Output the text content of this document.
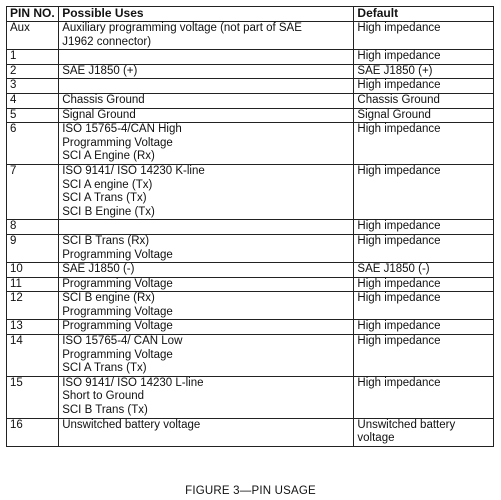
PIN NO.	Possible Uses	Default
Aux	Auxiliary programming voltage (not part of SAE
J1962 connector)	High impedance

1		High impedance

2	SAE J1850 (+)	SAE J1850 (+)

3		High impedance

4	Chassis Ground	Chassis Ground

5	Signal Ground	Signal Ground

6	ISO 15765-4/CAN High
Programming Voltage
SCI A Engine (Rx)	High impedance

7	ISO 9141/ ISO 14230 K-line
SCI A engine (Tx)
SCI A Trans (Tx)
SCI B Engine (Tx)	High impedance

8		High impedance

9	SCI B Trans (Rx)
Programming Voltage	High impedance

10	SAE J1850 (-)	SAE J1850 (-)

11	Programming Voltage	High impedance

12	SCI B engine (Rx)
Programming Voltage	High impedance

13	Programming Voltage	High impedance

14	ISO 15765-4/ CAN Low
Programming Voltage
SCI A Trans (Tx)	High impedance

15	ISO 9141/ ISO 14230 L-line
Short to Ground
SCI B Trans (Tx)	High impedance

16	Unswitched battery voltage	Unswitched battery
voltage
FIGURE 3—PIN USAGE
